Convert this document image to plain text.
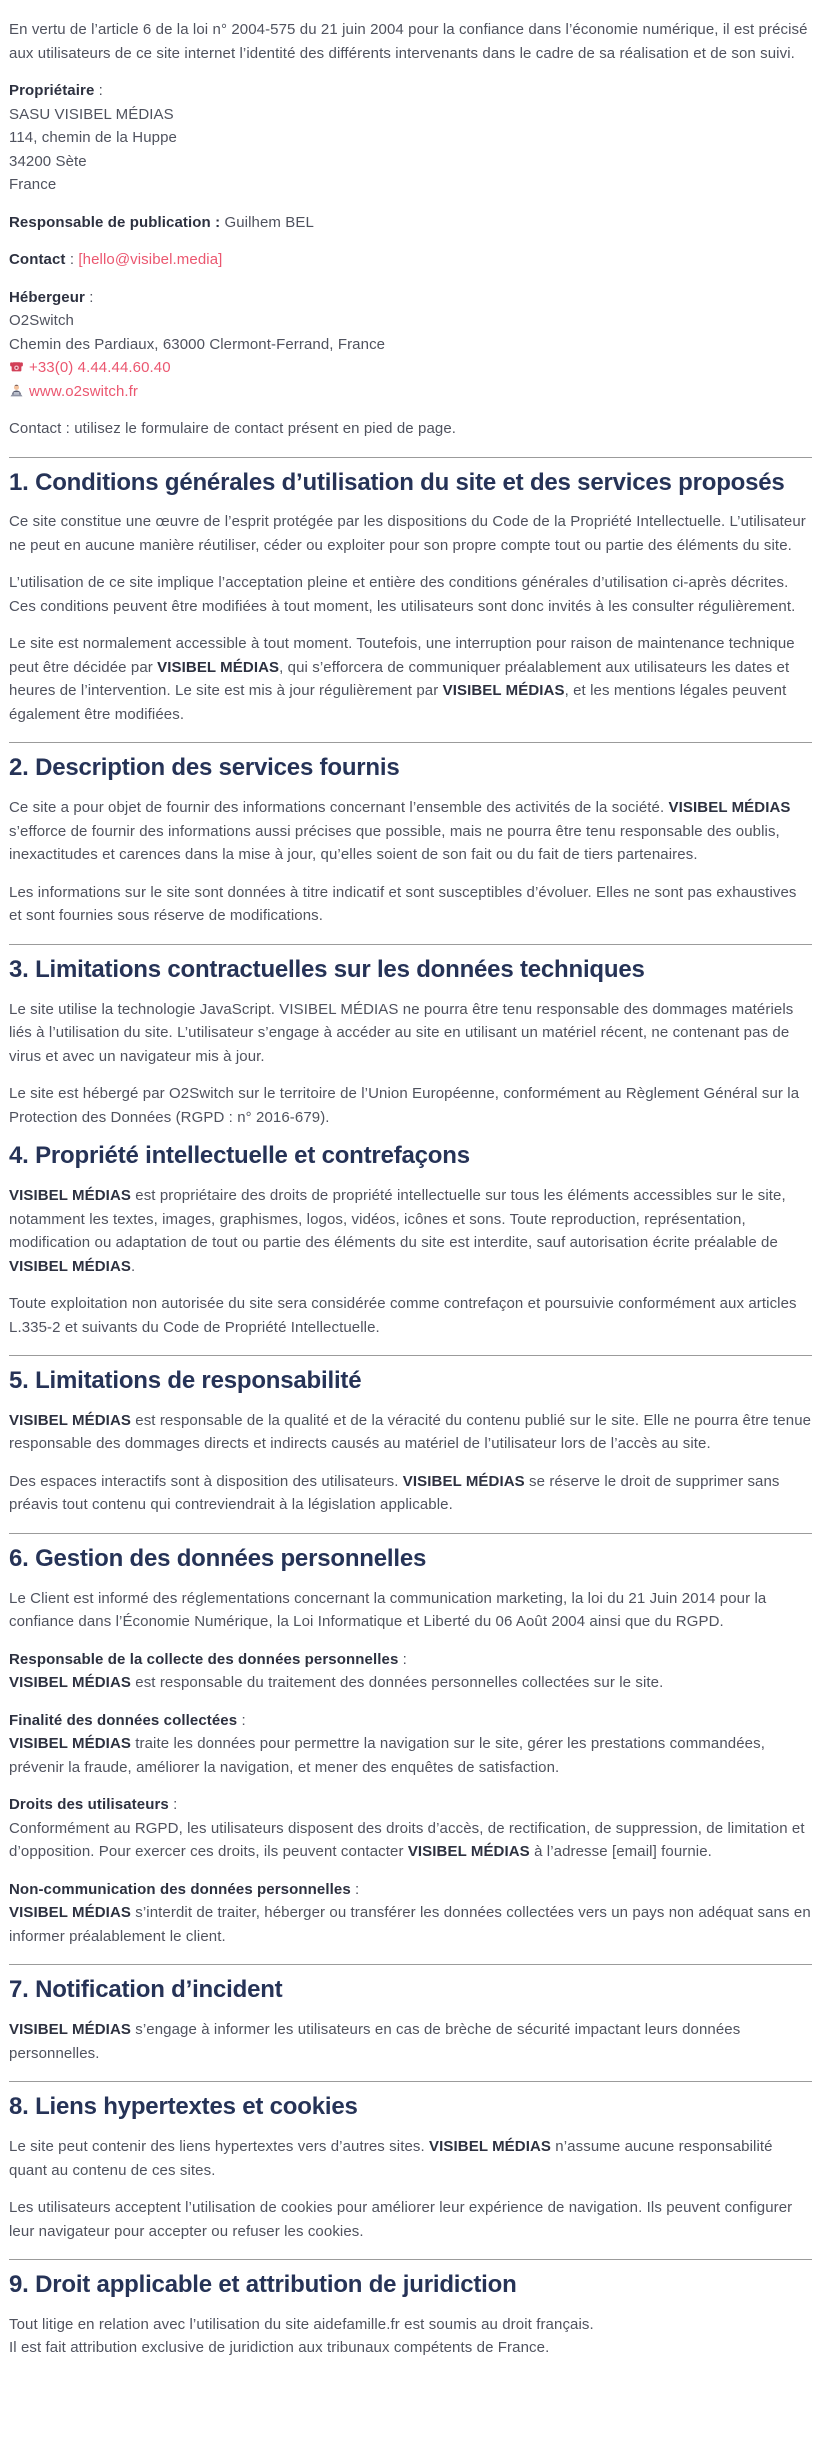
En vertu de l’article 6 de la loi n° 2004-575 du 21 juin 2004 pour la confiance dans l’économie numérique, il est précisé aux utilisateurs de ce site internet l’identité des différents intervenants dans le cadre de sa réalisation et de son suivi.

Propriétaire :
SASU VISIBEL MÉDIAS
114, chemin de la Huppe
34200 Sète
France

Responsable de publication : Guilhem BEL

Contact : [hello@visibel.media]

Hébergeur :
O2Switch
Chemin des Pardiaux, 63000 Clermont-Ferrand, France

+33(0) 4.44.44.60.40

www.o2switch.fr

Contact : utilisez le formulaire de contact présent en pied de page.

1. Conditions générales d’utilisation du site et des services proposés

Ce site constitue une œuvre de l’esprit protégée par les dispositions du Code de la Propriété Intellectuelle. L’utilisateur ne peut en aucune manière réutiliser, céder ou exploiter pour son propre compte tout ou partie des éléments du site.

L’utilisation de ce site implique l’acceptation pleine et entière des conditions générales d’utilisation ci-après décrites. Ces conditions peuvent être modifiées à tout moment, les utilisateurs sont donc invités à les consulter régulièrement.

Le site est normalement accessible à tout moment. Toutefois, une interruption pour raison de maintenance technique peut être décidée par VISIBEL MÉDIAS, qui s’efforcera de communiquer préalablement aux utilisateurs les dates et heures de l’intervention. Le site est mis à jour régulièrement par VISIBEL MÉDIAS, et les mentions légales peuvent également être modifiées.

2. Description des services fournis

Ce site a pour objet de fournir des informations concernant l’ensemble des activités de la société. VISIBEL MÉDIAS s’efforce de fournir des informations aussi précises que possible, mais ne pourra être tenu responsable des oublis, inexactitudes et carences dans la mise à jour, qu’elles soient de son fait ou du fait de tiers partenaires.

Les informations sur le site sont données à titre indicatif et sont susceptibles d’évoluer. Elles ne sont pas exhaustives et sont fournies sous réserve de modifications.

3. Limitations contractuelles sur les données techniques

Le site utilise la technologie JavaScript. VISIBEL MÉDIAS ne pourra être tenu responsable des dommages matériels liés à l’utilisation du site. L’utilisateur s’engage à accéder au site en utilisant un matériel récent, ne contenant pas de virus et avec un navigateur mis à jour.

Le site est hébergé par O2Switch sur le territoire de l’Union Européenne, conformément au Règlement Général sur la Protection des Données (RGPD : n° 2016-679).

4. Propriété intellectuelle et contrefaçons

VISIBEL MÉDIAS est propriétaire des droits de propriété intellectuelle sur tous les éléments accessibles sur le site, notamment les textes, images, graphismes, logos, vidéos, icônes et sons. Toute reproduction, représentation, modification ou adaptation de tout ou partie des éléments du site est interdite, sauf autorisation écrite préalable de VISIBEL MÉDIAS.

Toute exploitation non autorisée du site sera considérée comme contrefaçon et poursuivie conformément aux articles L.335-2 et suivants du Code de Propriété Intellectuelle.

5. Limitations de responsabilité

VISIBEL MÉDIAS est responsable de la qualité et de la véracité du contenu publié sur le site. Elle ne pourra être tenue responsable des dommages directs et indirects causés au matériel de l’utilisateur lors de l’accès au site.

Des espaces interactifs sont à disposition des utilisateurs. VISIBEL MÉDIAS se réserve le droit de supprimer sans préavis tout contenu qui contreviendrait à la législation applicable.

6. Gestion des données personnelles

Le Client est informé des réglementations concernant la communication marketing, la loi du 21 Juin 2014 pour la confiance dans l’Économie Numérique, la Loi Informatique et Liberté du 06 Août 2004 ainsi que du RGPD.

Responsable de la collecte des données personnelles :
VISIBEL MÉDIAS est responsable du traitement des données personnelles collectées sur le site.

Finalité des données collectées :
VISIBEL MÉDIAS traite les données pour permettre la navigation sur le site, gérer les prestations commandées, prévenir la fraude, améliorer la navigation, et mener des enquêtes de satisfaction.

Droits des utilisateurs :
Conformément au RGPD, les utilisateurs disposent des droits d’accès, de rectification, de suppression, de limitation et d’opposition. Pour exercer ces droits, ils peuvent contacter VISIBEL MÉDIAS à l’adresse [email] fournie.

Non-communication des données personnelles :
VISIBEL MÉDIAS s’interdit de traiter, héberger ou transférer les données collectées vers un pays non adéquat sans en informer préalablement le client.

7. Notification d’incident

VISIBEL MÉDIAS s’engage à informer les utilisateurs en cas de brèche de sécurité impactant leurs données personnelles.

8. Liens hypertextes et cookies

Le site peut contenir des liens hypertextes vers d’autres sites. VISIBEL MÉDIAS n’assume aucune responsabilité quant au contenu de ces sites.

Les utilisateurs acceptent l’utilisation de cookies pour améliorer leur expérience de navigation. Ils peuvent configurer leur navigateur pour accepter ou refuser les cookies.

9. Droit applicable et attribution de juridiction

Tout litige en relation avec l’utilisation du site aidefamille.fr est soumis au droit français.
Il est fait attribution exclusive de juridiction aux tribunaux compétents de France.
